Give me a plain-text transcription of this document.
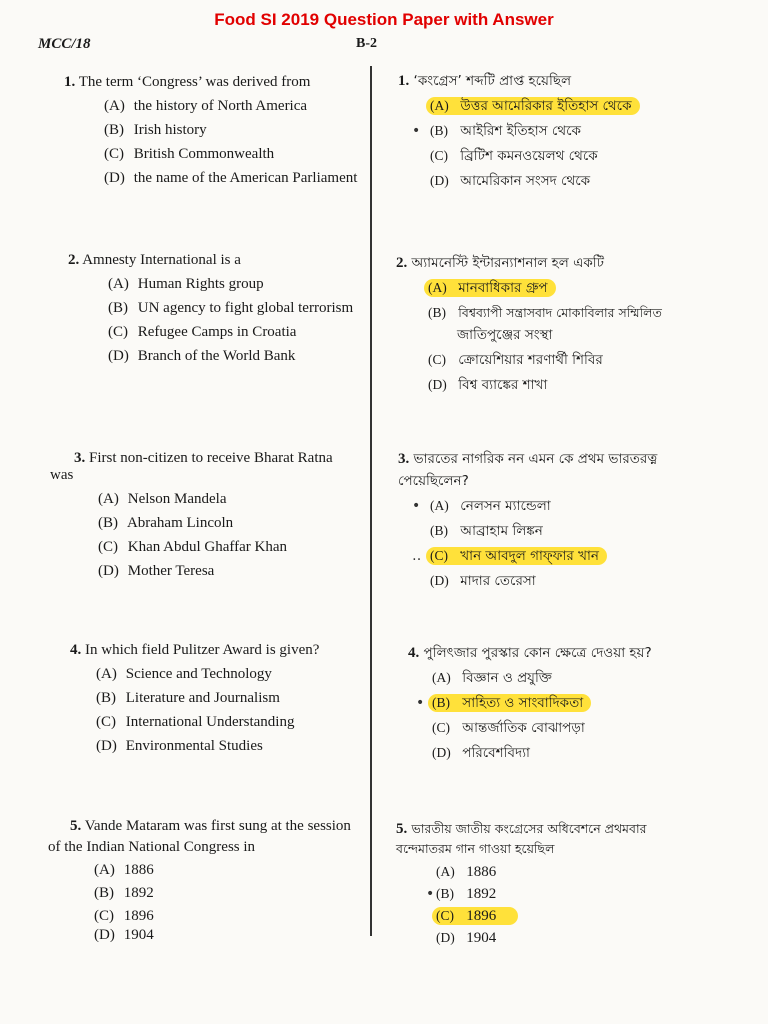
Food SI 2019 Question Paper with Answer
MCC/18	B-2

1. The term ‘Congress’ was derived from

(A) the history of North America

(B) Irish history

(C) British Commonwealth

(D) the name of the American Parliament

2. Amnesty International is a

(A) Human Rights group

(B) UN agency to fight global terrorism

(C) Refugee Camps in Croatia

(D) Branch of the World Bank

3. First non-citizen to receive Bharat Ratna

was

(A) Nelson Mandela

(B) Abraham Lincoln

(C) Khan Abdul Ghaffar Khan

(D) Mother Teresa

4. In which field Pulitzer Award is given?

(A) Science and Technology

(B) Literature and Journalism

(C) International Understanding

(D) Environmental Studies

5. Vande Mataram was first sung at the session

of the Indian National Congress in

(A) 1886

(B) 1892

(C) 1896

(D) 1904

1. ‘কংগ্রেস’ শব্দটি প্রাপ্ত হয়েছিল

(A) উত্তর আমেরিকার ইতিহাস থেকে

• (B) আইরিশ ইতিহাস থেকে

(C) ব্রিটিশ কমনওয়েলথ থেকে

(D) আমেরিকান সংসদ থেকে

2. অ্যামনেস্টি ইন্টারন্যাশনাল হল একটি

(A) মানবাধিকার গ্রুপ

(B) বিশ্বব্যাপী সন্ত্রাসবাদ মোকাবিলার সম্মিলিত

জাতিপুঞ্জের সংস্থা

(C) ক্রোয়েশিয়ার শরণার্থী শিবির

(D) বিশ্ব ব্যাঙ্কের শাখা

3. ভারতের নাগরিক নন এমন কে প্রথম ভারতরত্ন

পেয়েছিলেন?

• (A) নেলসন ম্যান্ডেলা

(B) আব্রাহাম লিঙ্কন

‥ (C) খান আবদুল গাফ্‌ফার খান

(D) মাদার তেরেসা

4. পুলিৎজার পুরস্কার কোন ক্ষেত্রে দেওয়া হয়?

(A) বিজ্ঞান ও প্রযুক্তি

• (B) সাহিত্য ও সাংবাদিকতা

(C) আন্তর্জাতিক বোঝাপড়া

(D) পরিবেশবিদ্যা

5. ভারতীয় জাতীয় কংগ্রেসের অধিবেশনে প্রথমবার

বন্দেমাতরম গান গাওয়া হয়েছিল

(A) 1886

• (B) 1892

(C) 1896

(D) 1904
